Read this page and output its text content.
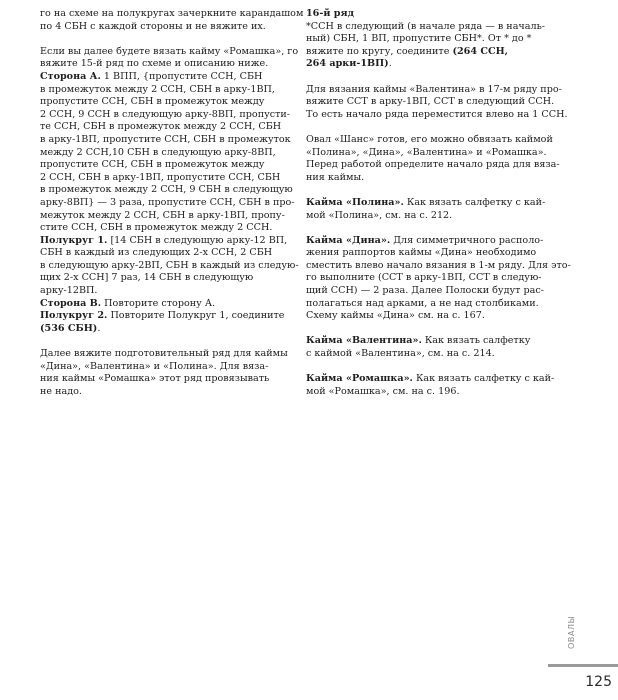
го на схеме на полукругах зачеркните карандашом
по 4 СБН с каждой стороны и не вяжите их.

Если вы далее будете вязать кайму «Ромашка», го
вяжите 15-й ряд по схеме и описанию ниже.

Сторона А. 1 ВПП, {пропустите ССН, СБН
в промежуток между 2 ССН, СБН в арку-1ВП,
пропустите ССН, СБН в промежуток между
2 ССН, 9 ССН в следующую арку-8ВП, пропусти-
те ССН, СБН в промежуток между 2 ССН, СБН
в арку-1ВП, пропустите ССН, СБН в промежуток
между 2 ССН,10 СБН в следующую арку-8ВП,
пропустите ССН, СБН в промежуток между
2 ССН, СБН в арку-1ВП, пропустите ССН, СБН
в промежуток между 2 ССН, 9 СБН в следующую
арку-8ВП} — 3 раза, пропустите ССН, СБН в про-
межуток между 2 ССН, СБН в арку-1ВП, пропу-
стите ССН, СБН в промежуток между 2 ССН.

Полукруг 1. [14 СБН в следующую арку-12 ВП,
СБН в каждый из следующих 2-х ССН, 2 СБН
в следующую арку-2ВП, СБН в каждый из следую-
щих 2-х ССН] 7 раз, 14 СБН в следующую
арку-12ВП.

Сторона В. Повторите сторону А.

Полукруг 2. Повторите Полукруг 1, соедините
(536 СБН).

Далее вяжите подготовительный ряд для каймы
«Дина», «Валентина» и «Полина». Для вяза-
ния каймы «Ромашка» этот ряд провязывать
не надо.

16-й ряд
*ССН в следующий (в начале ряда — в началь-
ный) СБН, 1 ВП, пропустите СБН*. От * до *
вяжите по кругу, соедините (264 ССН,
264 арки-1ВП).

Для вязания каймы «Валентина» в 17-м ряду про-
вяжите ССТ в арку-1ВП, ССТ в следующий ССН.
То есть начало ряда переместится влево на 1 ССН.

Овал «Шанс» готов, его можно обвязать каймой
«Полина», «Дина», «Валентина» и «Ромашка».
Перед работой определите начало ряда для вяза-
ния каймы.

Кайма «Полина». Как вязать салфетку с кай-
мой «Полина», см. на с. 212.

Кайма «Дина». Для симметричного располо-
жения раппортов каймы «Дина» необходимо
сместить влево начало вязания в 1-м ряду. Для это-
го выполните (ССТ в арку-1ВП, ССТ в следую-
щий ССН) — 2 раза. Далее Полоски будут рас-
полагаться над арками, а не над столбиками.
Схему каймы «Дина» см. на с. 167.

Кайма «Валентина». Как вязать салфетку
с каймой «Валентина», см. на с. 214.

Кайма «Ромашка». Как вязать салфетку с кай-
мой «Ромашка», см. на с. 196.

ОВАЛЫ
125
